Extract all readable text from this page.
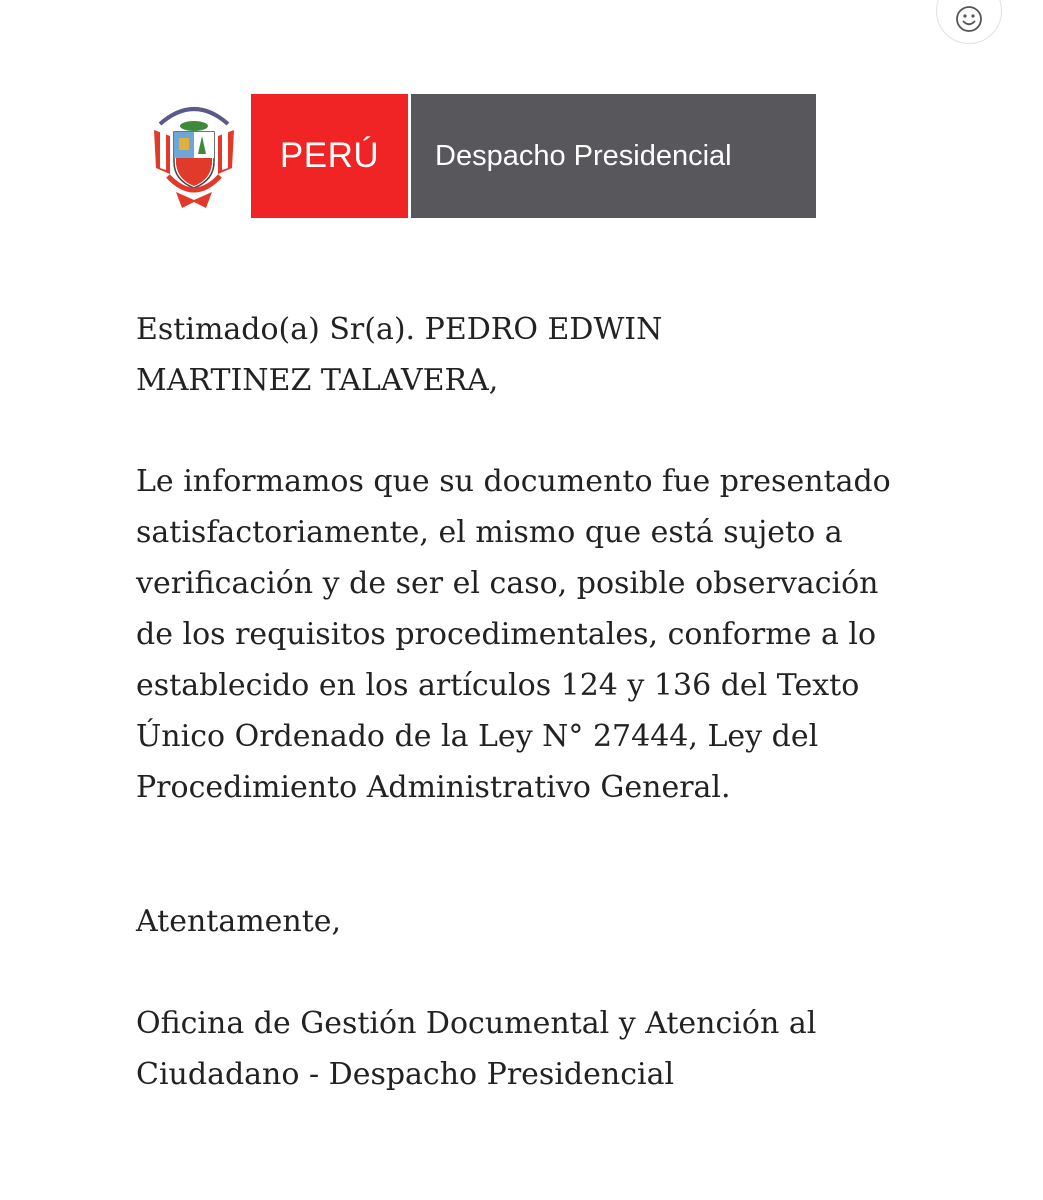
PERÚ Despacho Presidencial

Estimado(a) Sr(a). PEDRO EDWIN MARTINEZ TALAVERA,

Le informamos que su documento fue presentado satisfactoriamente, el mismo que está sujeto a verificación y de ser el caso, posible observación de los requisitos procedimentales, conforme a lo establecido en los artículos 124 y 136 del Texto Único Ordenado de la Ley N° 27444, Ley del Procedimiento Administrativo General.

Atentamente,

Oficina de Gestión Documental y Atención al Ciudadano - Despacho Presidencial
